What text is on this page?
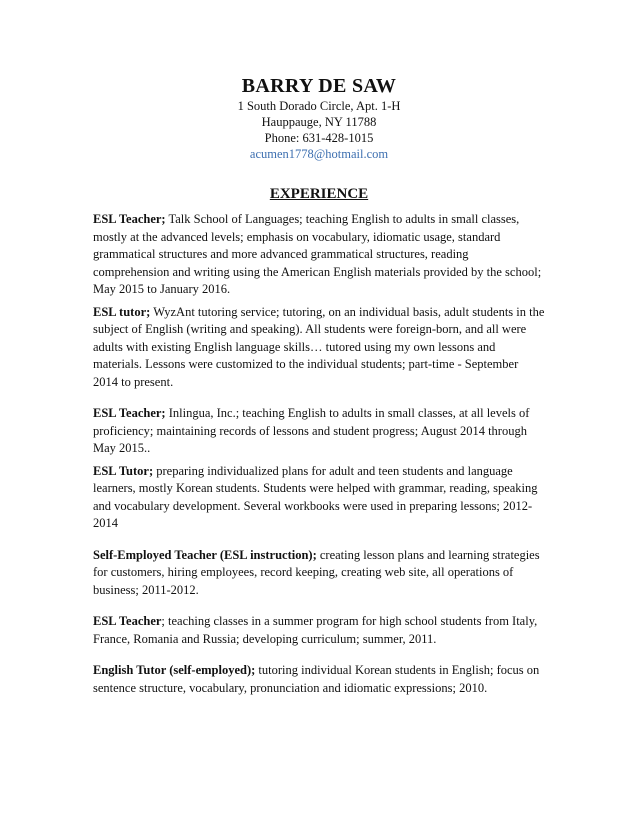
BARRY DE SAW

1 South Dorado Circle, Apt. 1-H

Hauppauge, NY 11788

Phone: 631-428-1015

acumen1778@hotmail.com

EXPERIENCE

ESL Teacher; Talk School of Languages; teaching English to adults in small classes, mostly at the advanced levels; emphasis on vocabulary, idiomatic usage, standard grammatical structures and more advanced grammatical structures, reading comprehension and writing using the American English materials provided by the school; May 2015 to January 2016.

ESL tutor; WyzAnt tutoring service; tutoring, on an individual basis, adult students in the subject of English (writing and speaking). All students were foreign-born, and all were adults with existing English language skills… tutored using my own lessons and materials. Lessons were customized to the individual students; part-time - September 2014 to present.

ESL Teacher; Inlingua, Inc.; teaching English to adults in small classes, at all levels of proficiency; maintaining records of lessons and student progress; August 2014 through May 2015..

ESL Tutor; preparing individualized plans for adult and teen students and language learners, mostly Korean students. Students were helped with grammar, reading, speaking and vocabulary development. Several workbooks were used in preparing lessons; 2012-2014

Self-Employed Teacher (ESL instruction); creating lesson plans and learning strategies for customers, hiring employees, record keeping, creating web site, all operations of business; 2011-2012.

ESL Teacher; teaching classes in a summer program for high school students from Italy, France, Romania and Russia; developing curriculum; summer, 2011.

English Tutor (self-employed); tutoring individual Korean students in English; focus on sentence structure, vocabulary, pronunciation and idiomatic expressions; 2010.
